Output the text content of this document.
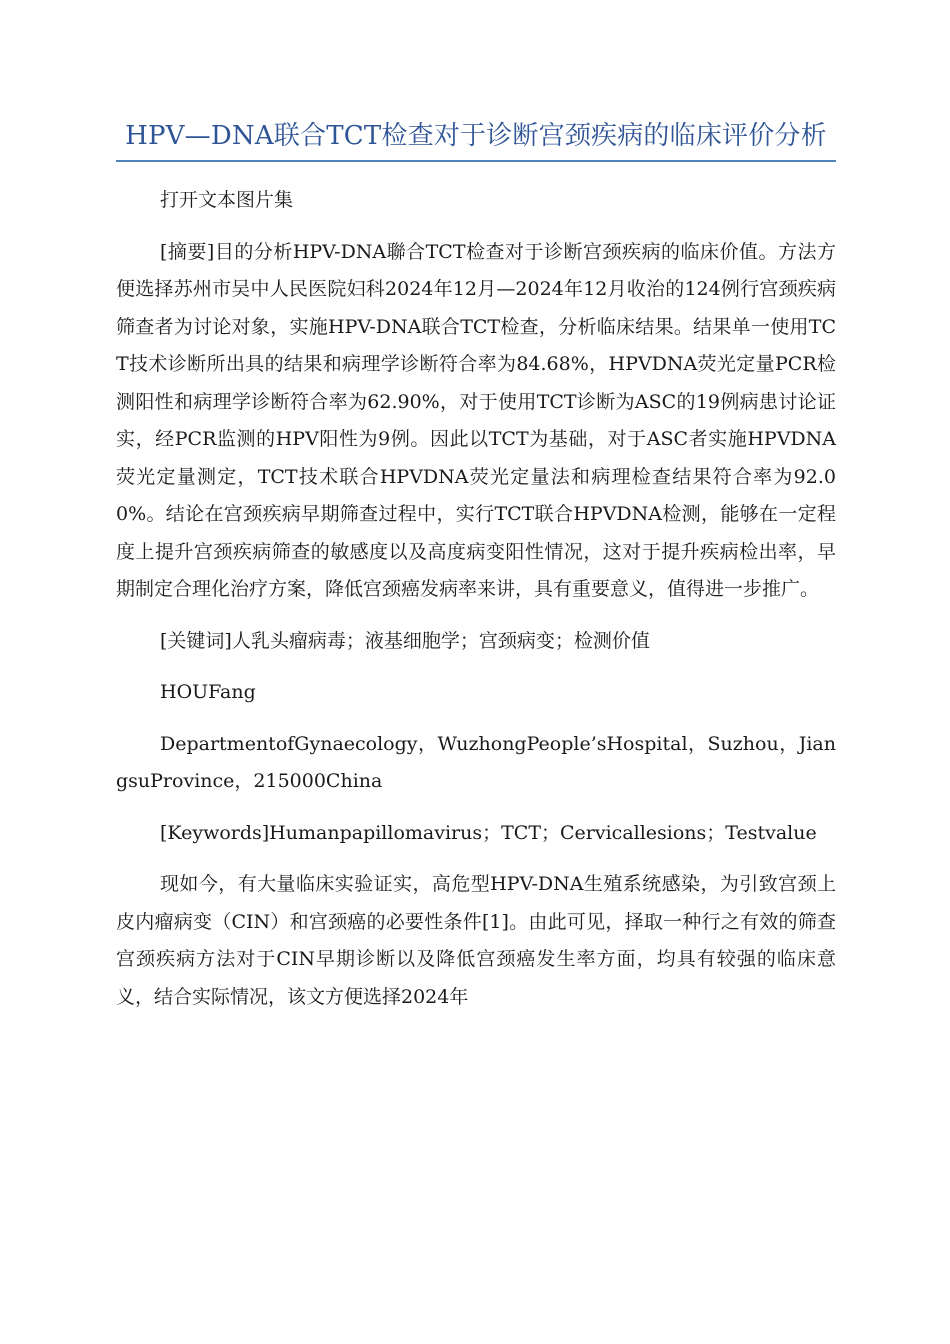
HPV—DNA联合TCT检查对于诊断宫颈疾病的临床评价分析

打开文本图片集

[摘要]目的分析HPV-DNA聯合TCT检查对于诊断宫颈疾病的临床价值。方法方便选择苏州市吴中人民医院妇科2024年12月—2024年12月收治的124例行宫颈疾病筛查者为讨论对象，实施HPV-DNA联合TCT检查，分析临床结果。结果单一使用TCT技术诊断所出具的结果和病理学诊断符合率为84.68%，HPVDNA荧光定量PCR检测阳性和病理学诊断符合率为62.90%，对于使用TCT诊断为ASC的19例病患讨论证实，经PCR监测的HPV阳性为9例。因此以TCT为基础，对于ASC者实施HPVDNA荧光定量测定，TCT技术联合HPVDNA荧光定量法和病理检查结果符合率为92.00%。结论在宫颈疾病早期筛查过程中，实行TCT联合HPVDNA检测，能够在一定程度上提升宫颈疾病筛查的敏感度以及高度病变阳性情况，这对于提升疾病检出率，早期制定合理化治疗方案，降低宫颈癌发病率来讲，具有重要意义，值得进一步推广。

[关键词]人乳头瘤病毒；液基细胞学；宫颈病变；检测价值

HOUFang

DepartmentofGynaecology，WuzhongPeople’sHospital，Suzhou，JiangsuProvince，215000China

[Keywords]Humanpapillomavirus；TCT；Cervicallesions；Testvalue

现如今，有大量临床实验证实，高危型HPV-DNA生殖系统感染，为引致宫颈上皮内瘤病变（CIN）和宫颈癌的必要性条件[1]。由此可见，择取一种行之有效的筛查宫颈疾病方法对于CIN早期诊断以及降低宫颈癌发生率方面，均具有较强的临床意义，结合实际情况，该文方便选择2024年
